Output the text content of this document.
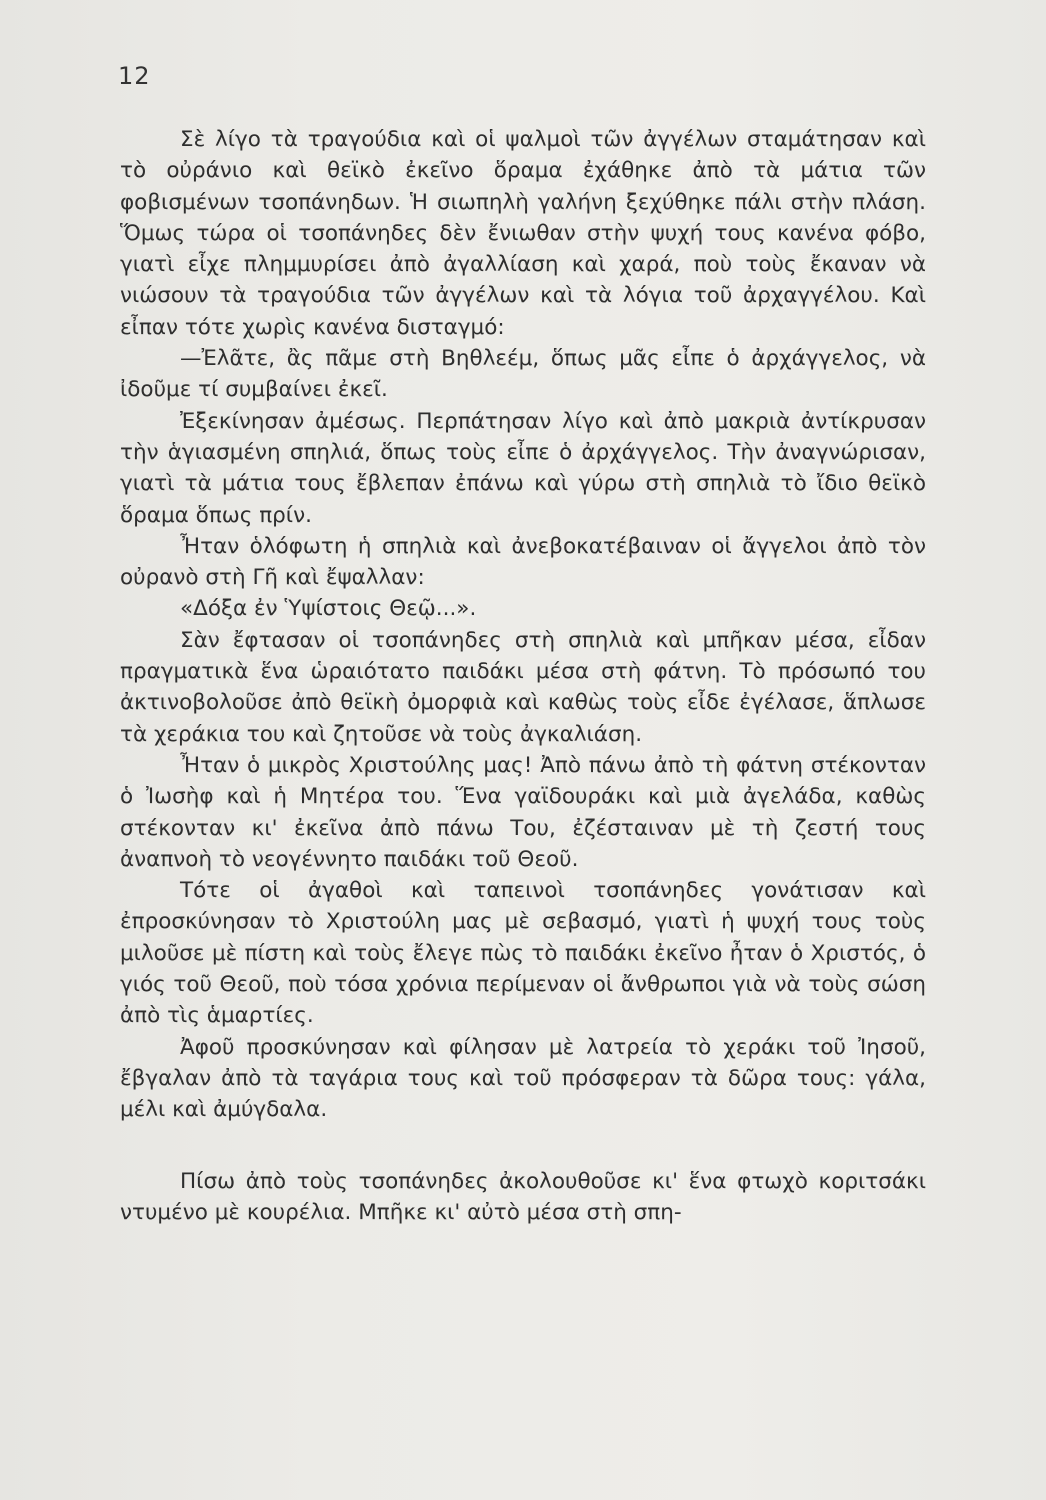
12

Σὲ λίγο τὰ τραγούδια καὶ οἱ ψαλμοὶ τῶν ἀγγέλων σταμάτησαν καὶ τὸ οὐράνιο καὶ θεϊκὸ ἐκεῖνο ὅραμα ἐχάθηκε ἀπὸ τὰ μάτια τῶν φοβισμένων τσοπάνηδων. Ἡ σιωπηλὴ γαλήνη ξεχύθηκε πάλι στὴν πλάση. Ὅμως τώρα οἱ τσοπάνηδες δὲν ἔνιωθαν στὴν ψυχή τους κανένα φόβο, γιατὶ εἶχε πλημμυρίσει ἀπὸ ἀγαλλίαση καὶ χαρά, ποὺ τοὺς ἔκαναν νὰ νιώσουν τὰ τραγούδια τῶν ἀγγέλων καὶ τὰ λόγια τοῦ ἀρχαγγέλου. Καὶ εἶπαν τότε χωρὶς κανένα δισταγμό:

—Ἐλᾶτε, ἂς πᾶμε στὴ Βηθλεέμ, ὅπως μᾶς εἶπε ὁ ἀρχάγγελος, νὰ ἰδοῦμε τί συμβαίνει ἐκεῖ.

Ἐξεκίνησαν ἀμέσως. Περπάτησαν λίγο καὶ ἀπὸ μακριὰ ἀντίκρυσαν τὴν ἁγιασμένη σπηλιά, ὅπως τοὺς εἶπε ὁ ἀρχάγγελος. Τὴν ἀναγνώρισαν, γιατὶ τὰ μάτια τους ἔβλεπαν ἐπάνω καὶ γύρω στὴ σπηλιὰ τὸ ἴδιο θεϊκὸ ὅραμα ὅπως πρίν.

Ἦταν ὁλόφωτη ἡ σπηλιὰ καὶ ἀνεβοκατέβαιναν οἱ ἄγγελοι ἀπὸ τὸν οὐρανὸ στὴ Γῆ καὶ ἔψαλλαν:

«Δόξα ἐν Ὑψίστοις Θεῷ...».

Σὰν ἔφτασαν οἱ τσοπάνηδες στὴ σπηλιὰ καὶ μπῆκαν μέσα, εἶδαν πραγματικὰ ἕνα ὡραιότατο παιδάκι μέσα στὴ φάτνη. Τὸ πρόσωπό του ἀκτινοβολοῦσε ἀπὸ θεϊκὴ ὀμορφιὰ καὶ καθὼς τοὺς εἶδε ἐγέλασε, ἅπλωσε τὰ χεράκια του καὶ ζητοῦσε νὰ τοὺς ἀγκαλιάση.

Ἦταν ὁ μικρὸς Χριστούλης μας! Ἀπὸ πάνω ἀπὸ τὴ φάτνη στέκονταν ὁ Ἰωσὴφ καὶ ἡ Μητέρα του. Ἕνα γαϊδουράκι καὶ μιὰ ἀγελάδα, καθὼς στέκονταν κι' ἐκεῖνα ἀπὸ πάνω Του, ἐζέσταιναν μὲ τὴ ζεστή τους ἀναπνοὴ τὸ νεογέννητο παιδάκι τοῦ Θεοῦ.

Τότε οἱ ἀγαθοὶ καὶ ταπεινοὶ τσοπάνηδες γονάτισαν καὶ ἐπροσκύνησαν τὸ Χριστούλη μας μὲ σεβασμό, γιατὶ ἡ ψυχή τους τοὺς μιλοῦσε μὲ πίστη καὶ τοὺς ἔλεγε πὼς τὸ παιδάκι ἐκεῖνο ἦταν ὁ Χριστός, ὁ γιός τοῦ Θεοῦ, ποὺ τόσα χρόνια περίμεναν οἱ ἄνθρωποι γιὰ νὰ τοὺς σώση ἀπὸ τὶς ἁμαρτίες.

Ἀφοῦ προσκύνησαν καὶ φίλησαν μὲ λατρεία τὸ χεράκι τοῦ Ἰησοῦ, ἔβγαλαν ἀπὸ τὰ ταγάρια τους καὶ τοῦ πρόσφεραν τὰ δῶρα τους: γάλα, μέλι καὶ ἀμύγδαλα.

Πίσω ἀπὸ τοὺς τσοπάνηδες ἀκολουθοῦσε κι' ἕνα φτωχὸ κοριτσάκι ντυμένο μὲ κουρέλια. Μπῆκε κι' αὐτὸ μέσα στὴ σπη-
